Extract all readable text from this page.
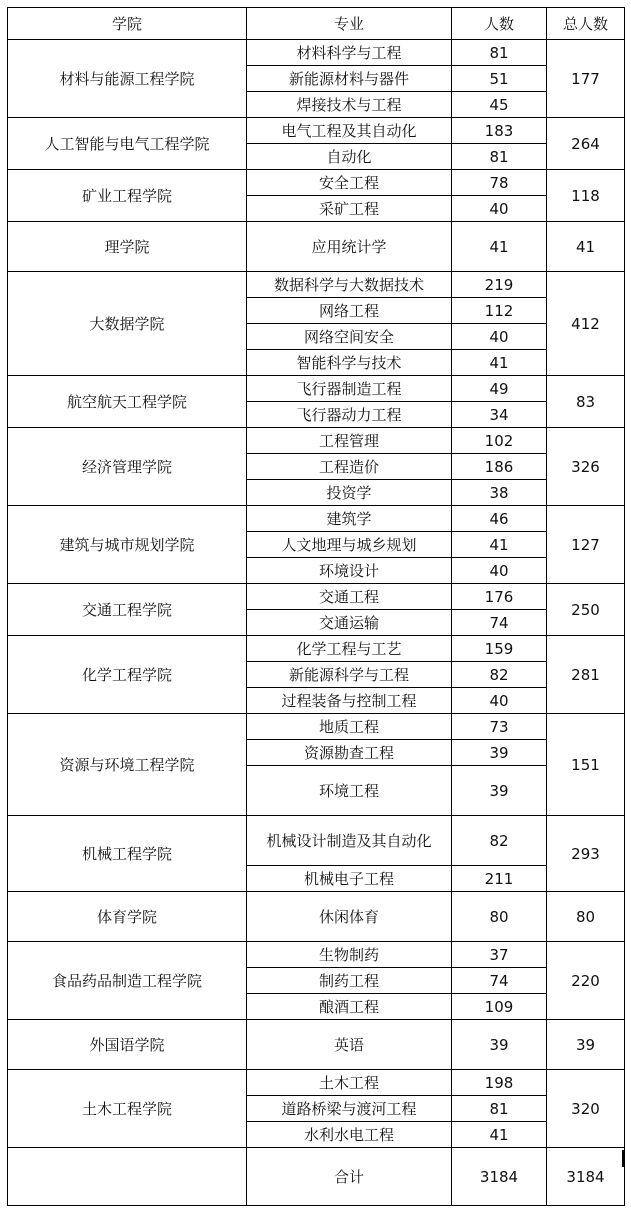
学院	专业	人数	总人数
材料与能源工程学院	材料科学与工程	81	177
	新能源材料与器件	51	
	焊接技术与工程	45	
人工智能与电气工程学院	电气工程及其自动化	183	264
	自动化	81	
矿业工程学院	安全工程	78	118
	采矿工程	40	
理学院	应用统计学	41	41
大数据学院	数据科学与大数据技术	219	412
	网络工程	112	
	网络空间安全	40	
	智能科学与技术	41	
航空航天工程学院	飞行器制造工程	49	83
	飞行器动力工程	34	
经济管理学院	工程管理	102	326
	工程造价	186	
	投资学	38	
建筑与城市规划学院	建筑学	46	127
	人文地理与城乡规划	41	
	环境设计	40	
交通工程学院	交通工程	176	250
	交通运输	74	
化学工程学院	化学工程与工艺	159	281
	新能源科学与工程	82	
	过程装备与控制工程	40	
资源与环境工程学院	地质工程	73	151
	资源勘查工程	39	
	环境工程	39	
机械工程学院	机械设计制造及其自动化	82	293
	机械电子工程	211	
体育学院	休闲体育	80	80
食品药品制造工程学院	生物制药	37	220
	制药工程	74	
	酿酒工程	109	
外国语学院	英语	39	39
土木工程学院	土木工程	198	320
	道路桥梁与渡河工程	81	
	水利水电工程	41	
	合计	3184	3184
